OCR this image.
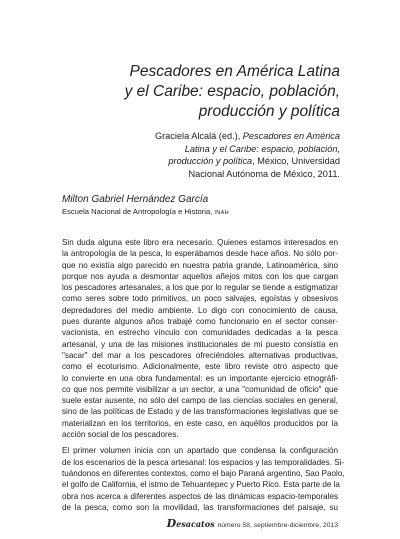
Pescadores en América Latina
y el Caribe: espacio, población,
producción y política
Graciela Alcalá (ed.), Pescadores en América
Latina y el Caribe: espacio, población,
producción y política, México, Universidad
Nacional Autónoma de México, 2011.
Milton Gabriel Hernández García
Escuela Nacional de Antropología e Historia, INAH
Sin duda alguna este libro era necesario. Quienes estamos interesados en
la antropología de la pesca, lo esperábamos desde hace años. No sólo por-
que no existía algo parecido en nuestra patria grande, Latinoamérica, sino
porque nos ayuda a desmontar aquellos añejos mitos con los que cargan
los pescadores artesanales, a los que por lo regular se tiende a estigmatizar
como seres sobre todo primitivos, un poco salvajes, egoístas y obsesivos
depredadores del medio ambiente. Lo digo con conocimiento de causa,
pues durante algunos años trabajé como funcionario en el sector conser-
vacionista, en estrecho vínculo con comunidades dedicadas a la pesca
artesanal, y una de las misiones institucionales de mi puesto consistía en
"sacar" del mar a los pescadores ofreciéndoles alternativas productivas,
como el ecoturismo. Adicionalmente, este libro reviste otro aspecto que
lo convierte en una obra fundamental: es un importante ejercicio etnográfi-
co que nos permite visibilizar a un sector, a una "comunidad de oficio" que
suele estar ausente, no sólo del campo de las ciencias sociales en general,
sino de las políticas de Estado y de las transformaciones legislativas que se
materializan en los territorios, en este caso, en aquéllos producidos por la
acción social de los pescadores.
El primer volumen inicia con un apartado que condensa la configuración
de los escenarios de la pesca artesanal: los espacios y las temporalidades. Si-
tuándonos en diferentes contextos, como el bajo Paraná argentino, Sao Paolo,
el golfo de California, el istmo de Tehuantepec y Puerto Rico. Esta parte de la
obra nos acerca a diferentes aspectos de las dinámicas espacio-temporales
de la pesca, como son la movilidad, las transformaciones del paisaje, su
Desacatos número 58, septiembre-diciembre, 2013
